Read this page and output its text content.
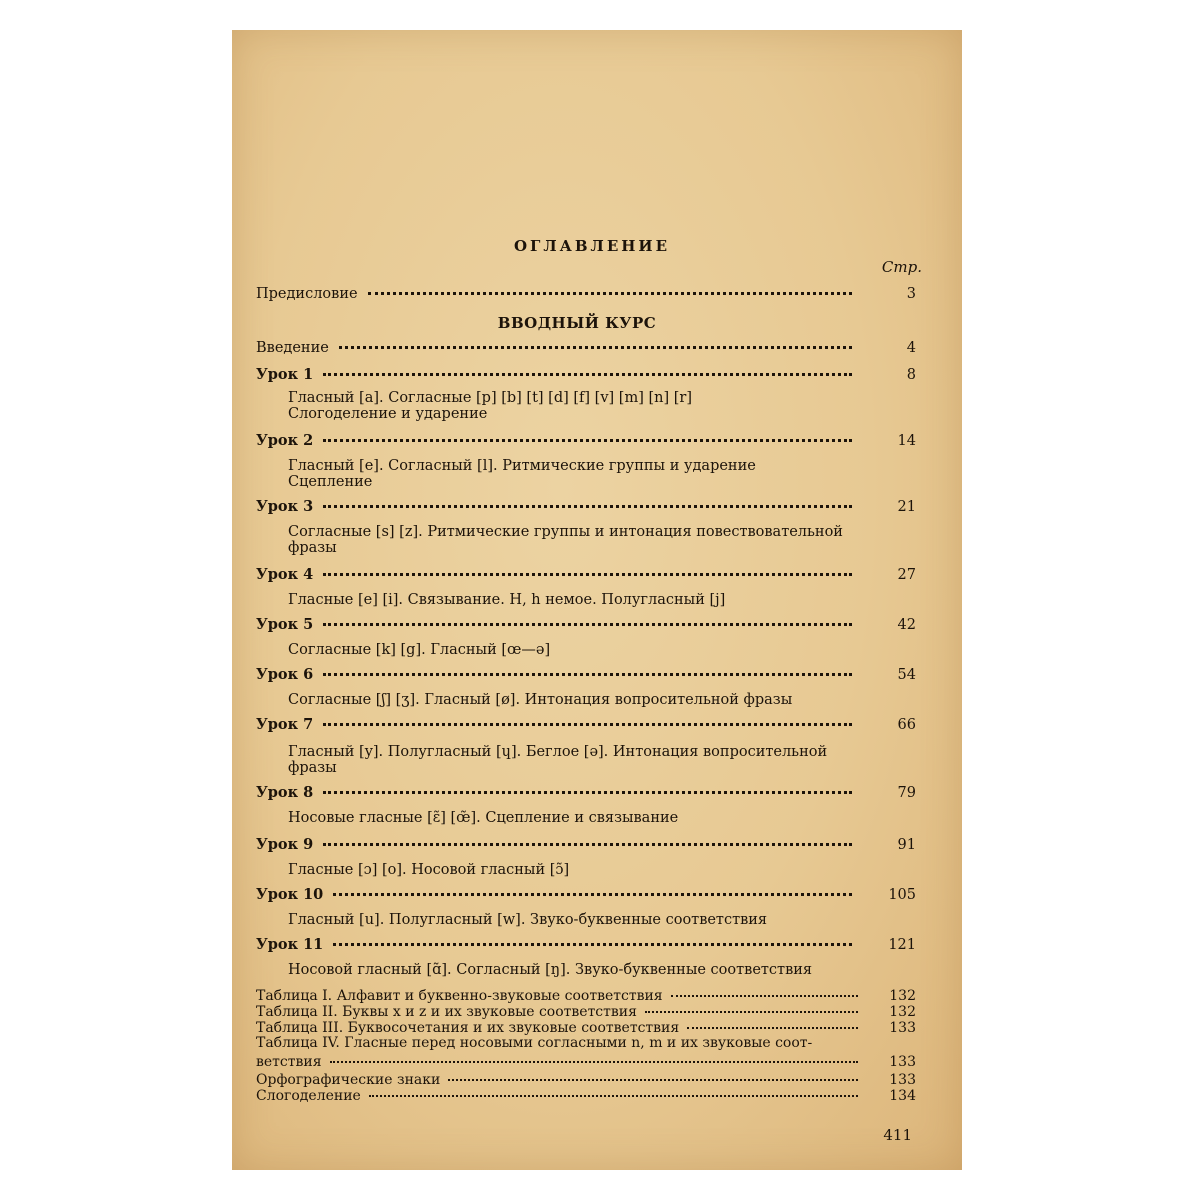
ОГЛАВЛЕНИЕ
Стр.
Предисловие	3
ВВОДНЫЙ КУРС
Введение	4
Урок 1	8
Гласный [a]. Согласные [p] [b] [t] [d] [f] [v] [m] [n] [r]
Слогоделение и ударение
Урок 2	14
Гласный [e]. Согласный [l]. Ритмические группы и ударение
Сцепление
Урок 3	21
Согласные [s] [z]. Ритмические группы и интонация повествовательной
фразы
Урок 4	27
Гласные [e] [i]. Связывание. H, h немое. Полугласный [j]
Урок 5	42
Согласные [k] [g]. Гласный [œ—ə]
Урок 6	54
Согласные [ʃ] [ʒ]. Гласный [ø]. Интонация вопросительной фразы
Урок 7	66
Гласный [y]. Полугласный [ɥ]. Беглое [ə]. Интонация вопросительной
фразы
Урок 8	79
Носовые гласные [ɛ̃] [œ̃]. Сцепление и связывание
Урок 9	91
Гласные [ɔ] [o]. Носовой гласный [ɔ̃]
Урок 10	105
Гласный [u]. Полугласный [w]. Звуко-буквенные соответствия
Урок 11	121
Носовой гласный [ɑ̃]. Согласный [ŋ]. Звуко-буквенные соответствия
Таблица I. Алфавит и буквенно-звуковые соответствия	132
Таблица II. Буквы x и z и их звуковые соответствия	132
Таблица III. Буквосочетания и их звуковые соответствия	133
Таблица IV. Гласные перед носовыми согласными n, m и их звуковые соот-
ветствия	133
Орфографические знаки	133
Слогоделение	134
411
